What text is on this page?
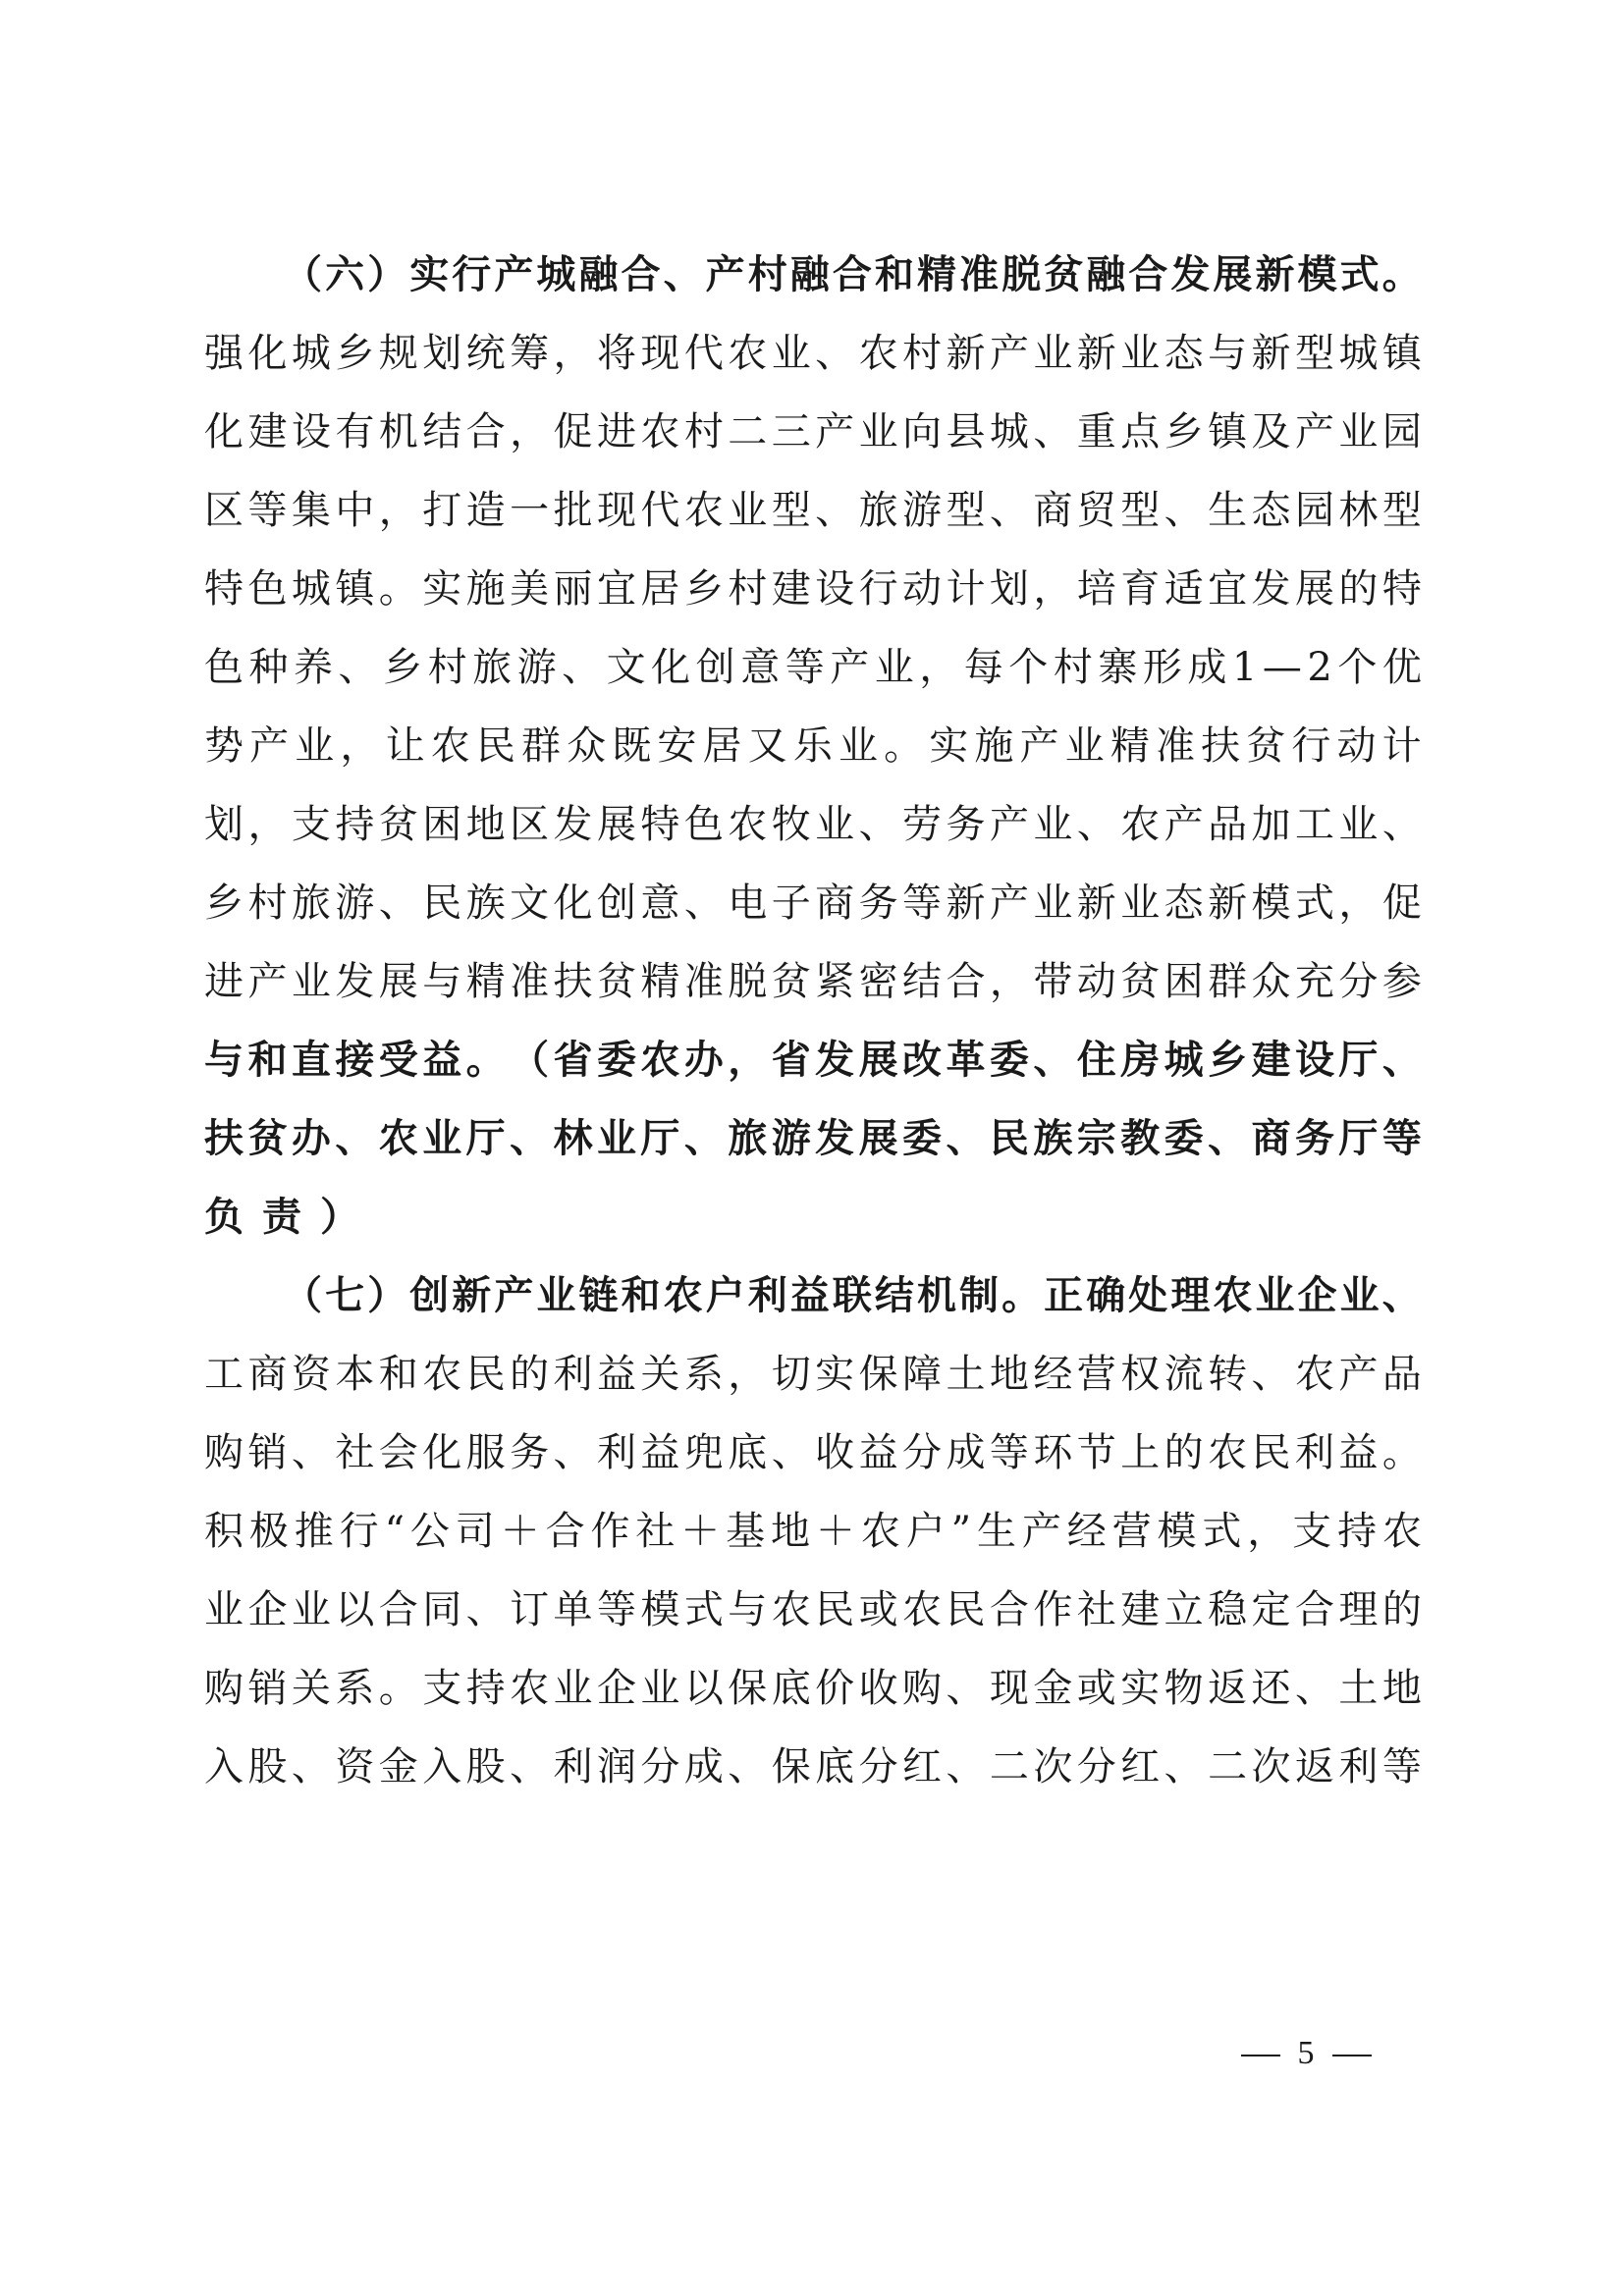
（ 六 ） 实 行 产 城 融 合 、 产 村 融 合 和 精 准 脱 贫 融 合 发 展 新 模 式 。
强 化 城 乡 规 划 统 筹 ， 将 现 代 农 业 、 农 村 新 产 业 新 业 态 与 新 型 城 镇
化 建 设 有 机 结 合 ， 促 进 农 村 二 三 产 业 向 县 城 、 重 点 乡 镇 及 产 业 园
区 等 集 中 ， 打 造 一 批 现 代 农 业 型 、 旅 游 型 、 商 贸 型 、 生 态 园 林 型
特 色 城 镇 。 实 施 美 丽 宜 居 乡 村 建 设 行 动 计 划 ， 培 育 适 宜 发 展 的 特
色 种 养 、 乡 村 旅 游 、 文 化 创 意 等 产 业 ， 每 个 村 寨 形 成 1 — 2 个 优
势 产 业 ， 让 农 民 群 众 既 安 居 又 乐 业 。 实 施 产 业 精 准 扶 贫 行 动 计
划 ， 支 持 贫 困 地 区 发 展 特 色 农 牧 业 、 劳 务 产 业 、 农 产 品 加 工 业 、
乡 村 旅 游 、 民 族 文 化 创 意 、 电 子 商 务 等 新 产 业 新 业 态 新 模 式 ， 促
进 产 业 发 展 与 精 准 扶 贫 精 准 脱 贫 紧 密 结 合 ， 带 动 贫 困 群 众 充 分 参
与 和 直 接 受 益 。 （ 省 委 农 办 ， 省 发 展 改 革 委 、 住 房 城 乡 建 设 厅 、
扶 贫 办 、 农 业 厅 、 林 业 厅 、 旅 游 发 展 委 、 民 族 宗 教 委 、 商 务 厅 等
负 责 ）
（ 七 ） 创 新 产 业 链 和 农 户 利 益 联 结 机 制 。 正 确 处 理 农 业 企 业 、
工 商 资 本 和 农 民 的 利 益 关 系 ， 切 实 保 障 土 地 经 营 权 流 转 、 农 产 品
购 销 、 社 会 化 服 务 、 利 益 兜 底 、 收 益 分 成 等 环 节 上 的 农 民 利 益 。
积 极 推 行 “ 公 司 ＋ 合 作 社 ＋ 基 地 ＋ 农 户 ” 生 产 经 营 模 式 ， 支 持 农
业 企 业 以 合 同 、 订 单 等 模 式 与 农 民 或 农 民 合 作 社 建 立 稳 定 合 理 的
购 销 关 系 。 支 持 农 业 企 业 以 保 底 价 收 购 、 现 金 或 实 物 返 还 、 土 地
入 股 、 资 金 入 股 、 利 润 分 成 、 保 底 分 红 、 二 次 分 红 、 二 次 返 利 等
5
